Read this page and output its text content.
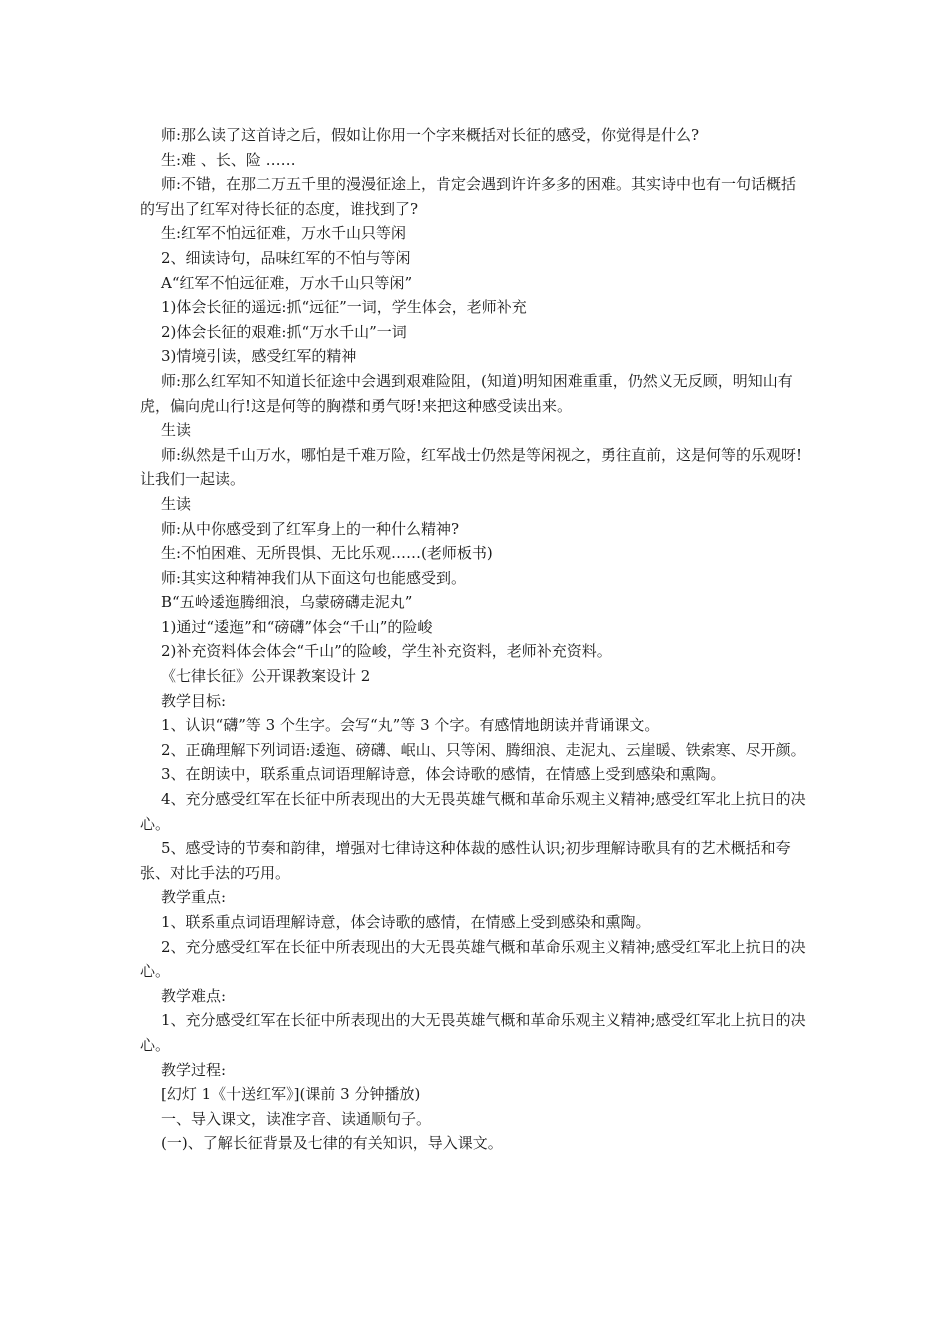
师:那么读了这首诗之后，假如让你用一个字来概括对长征的感受，你觉得是什么?

生:难 、长、险 ……

师:不错，在那二万五千里的漫漫征途上，肯定会遇到许许多多的困难。其实诗中也有一句话概括的写出了红军对待长征的态度，谁找到了?

生:红军不怕远征难，万水千山只等闲

2、细读诗句，品味红军的不怕与等闲

A“红军不怕远征难，万水千山只等闲”

1)体会长征的遥远:抓“远征”一词，学生体会，老师补充

2)体会长征的艰难:抓“万水千山”一词

3)情境引读，感受红军的精神

师:那么红军知不知道长征途中会遇到艰难险阻，(知道)明知困难重重，仍然义无反顾，明知山有虎，偏向虎山行!这是何等的胸襟和勇气呀!来把这种感受读出来。

生读

师:纵然是千山万水，哪怕是千难万险，红军战士仍然是等闲视之，勇往直前，这是何等的乐观呀!让我们一起读。

生读

师:从中你感受到了红军身上的一种什么精神?

生:不怕困难、无所畏惧、无比乐观……(老师板书)

师:其实这种精神我们从下面这句也能感受到。

B“五岭逶迤腾细浪，乌蒙磅礴走泥丸”

1)通过“逶迤”和“磅礴”体会“千山”的险峻

2)补充资料体会体会“千山”的险峻，学生补充资料，老师补充资料。

《七律长征》公开课教案设计 2

教学目标:

1、认识“礴”等 3 个生字。会写“丸”等 3 个字。有感情地朗读并背诵课文。

2、正确理解下列词语:逶迤、磅礴、岷山、只等闲、腾细浪、走泥丸、云崖暖、铁索寒、尽开颜。

3、在朗读中，联系重点词语理解诗意，体会诗歌的感情，在情感上受到感染和熏陶。

4、充分感受红军在长征中所表现出的大无畏英雄气概和革命乐观主义精神;感受红军北上抗日的决心。

5、感受诗的节奏和韵律，增强对七律诗这种体裁的感性认识;初步理解诗歌具有的艺术概括和夸张、对比手法的巧用。

教学重点:

1、联系重点词语理解诗意，体会诗歌的感情，在情感上受到感染和熏陶。

2、充分感受红军在长征中所表现出的大无畏英雄气概和革命乐观主义精神;感受红军北上抗日的决心。

教学难点:

1、充分感受红军在长征中所表现出的大无畏英雄气概和革命乐观主义精神;感受红军北上抗日的决心。

教学过程:

[幻灯 1《十送红军》](课前 3 分钟播放)

一、导入课文，读准字音、读通顺句子。

(一)、了解长征背景及七律的有关知识，导入课文。
